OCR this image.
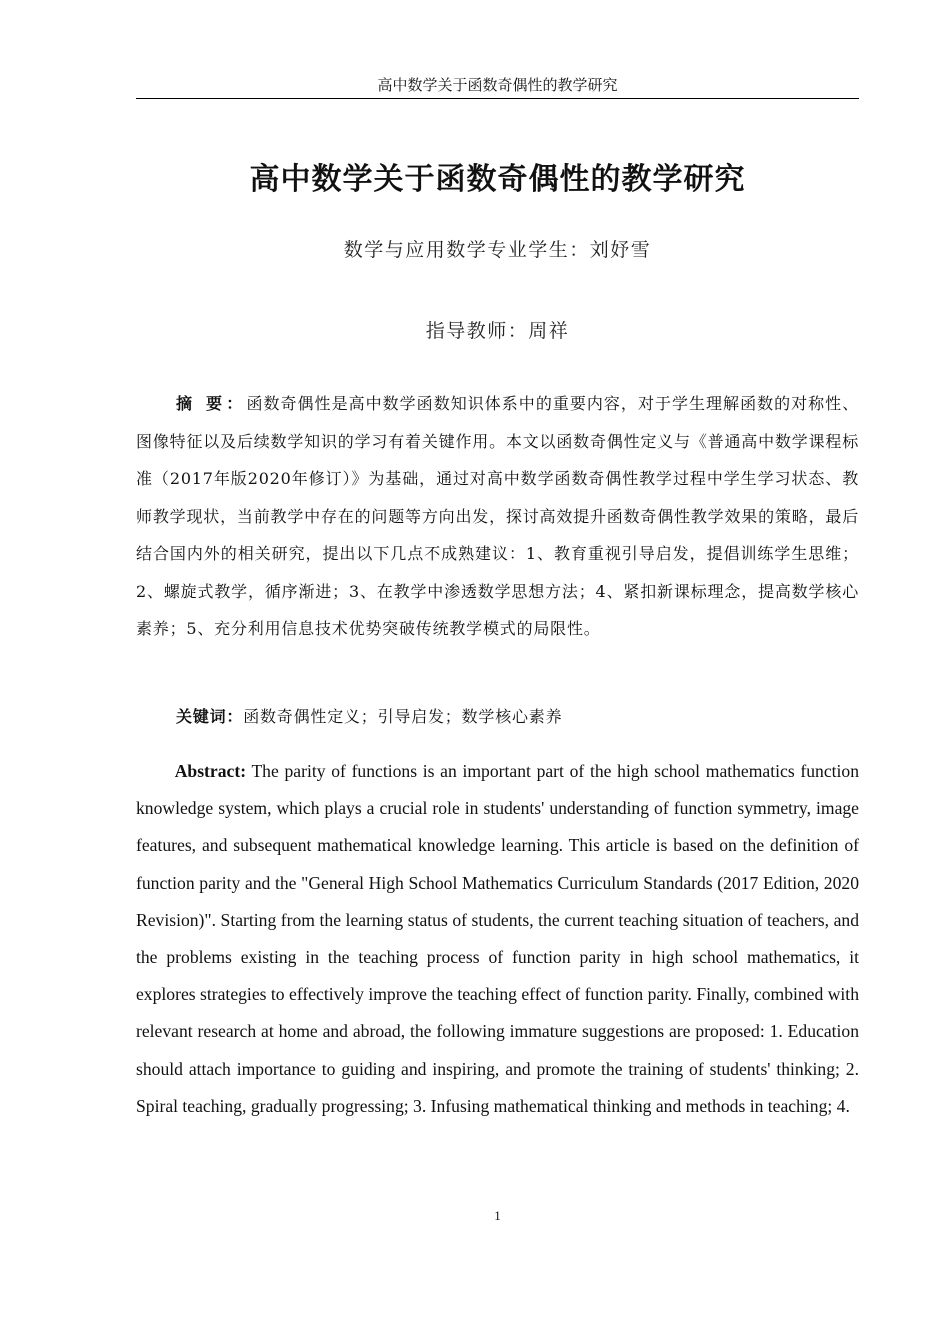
高中数学关于函数奇偶性的教学研究
高中数学关于函数奇偶性的教学研究
数学与应用数学专业学生：刘妤雪
指导教师：周祥

摘 要：函数奇偶性是高中数学函数知识体系中的重要内容，对于学生理解函数的对称性、图像特征以及后续数学知识的学习有着关键作用。本文以函数奇偶性定义与《普通高中数学课程标准（2017年版2020年修订）》为基础，通过对高中数学函数奇偶性教学过程中学生学习状态、教师教学现状，当前教学中存在的问题等方向出发，探讨高效提升函数奇偶性教学效果的策略，最后结合国内外的相关研究，提出以下几点不成熟建议：1、教育重视引导启发，提倡训练学生思维；2、螺旋式教学，循序渐进；3、在教学中渗透数学思想方法；4、紧扣新课标理念，提高数学核心素养；5、充分利用信息技术优势突破传统教学模式的局限性。

关键词：函数奇偶性定义；引导启发；数学核心素养

Abstract: The parity of functions is an important part of the high school mathematics function knowledge system, which plays a crucial role in students' understanding of function symmetry, image features, and subsequent mathematical knowledge learning. This article is based on the definition of function parity and the "General High School Mathematics Curriculum Standards (2017 Edition, 2020 Revision)". Starting from the learning status of students, the current teaching situation of teachers, and the problems existing in the teaching process of function parity in high school mathematics, it explores strategies to effectively improve the teaching effect of function parity. Finally, combined with relevant research at home and abroad, the following immature suggestions are proposed: 1. Education should attach importance to guiding and inspiring, and promote the training of students' thinking; 2. Spiral teaching, gradually progressing; 3. Infusing mathematical thinking and methods in teaching; 4.

1
